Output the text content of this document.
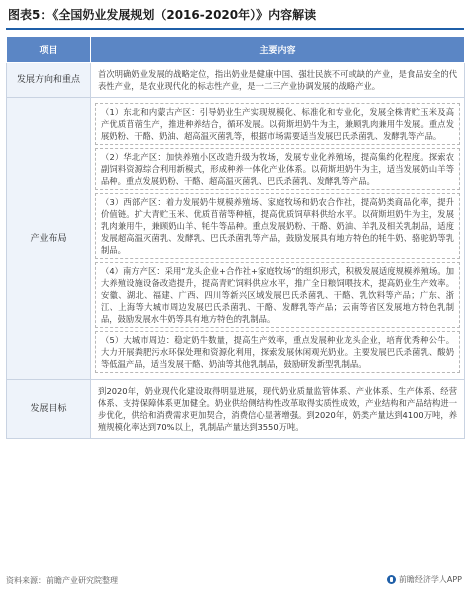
图表5：《全国奶业发展规划（2016-2020年）》内容解读
项目	主要内容
发展方向和重点	首次明确奶业发展的战略定位，指出奶业是健康中国、强壮民族不可或缺的产业，是食品安全的代表性产业，是农业现代化的标志性产业，是一二三产业协调发展的战略产业。

产业布局	（1）东北和内蒙古产区：引导奶业生产实现规模化、标准化和专业化，发展全株青贮玉米及高产优质苜蓿生产，推进种养结合，循环发展。以荷斯坦奶牛为主，兼顾乳肉兼用牛发展。重点发展奶粉、干酪、奶油、超高温灭菌乳等，根据市场需要适当发展巴氏杀菌乳、发酵乳等产品。
（2）华北产区：加快养殖小区改造升级为牧场，发展专业化养殖场，提高集约化程度。探索农副饲料资源综合利用新模式，形成种养一体化产业体系。以荷斯坦奶牛为主，适当发展奶山羊等品种。重点发展奶粉、干酪、超高温灭菌乳、巴氏杀菌乳、发酵乳等产品。
（3）西部产区：着力发展奶牛规模养殖场、家庭牧场和奶农合作社，提高奶类商品化率，提升价值链。扩大青贮玉米、优质苜蓿等种植，提高优质饲草料供给水平。以荷斯坦奶牛为主，发展乳肉兼用牛，兼顾奶山羊、牦牛等品种。重点发展奶粉、干酪、奶油、羊乳及相关乳制品，适度发展超高温灭菌乳、发酵乳、巴氏杀菌乳等产品，鼓励发展具有地方特色的牦牛奶、骆驼奶等乳制品。
（4）南方产区：采用“龙头企业+合作社+家庭牧场”的组织形式，积极发展适度规模养殖场。加大养殖设施设备改造提升，提高青贮饲料供应水平，推广全日粮饲喂技术，提高奶业生产效率。安徽、湖北、福建、广西、四川等新兴区域发展巴氏杀菌乳、干酪、乳饮料等产品；广东、浙江、上海等大城市周边发展巴氏杀菌乳、干酪、发酵乳等产品；云南等省区发展地方特色乳制品，鼓励发展水牛奶等具有地方特色的乳制品。
（5）大城市周边：稳定奶牛数量，提高生产效率，重点发展种业龙头企业，培育优秀种公牛。大力开展粪肥污水环保处理和资源化利用，探索发展休闲观光奶业。主要发展巴氏杀菌乳、酸奶等低温产品，适当发展干酪、奶油等其他乳制品，鼓励研发新型乳制品。

发展目标	到2020年，奶业现代化建设取得明显进展，现代奶业质量监管体系、产业体系、生产体系、经营体系、支持保障体系更加健全。奶业供给侧结构性改革取得实质性成效，产业结构和产品结构进一步优化，供给和消费需求更加契合，消费信心显著增强。到2020年，奶类产量达到4100万吨，养殖规模化率达到70%以上，乳制品产量达到3550万吨。
资料来源：前瞻产业研究院整理	前瞻经济学人APP
